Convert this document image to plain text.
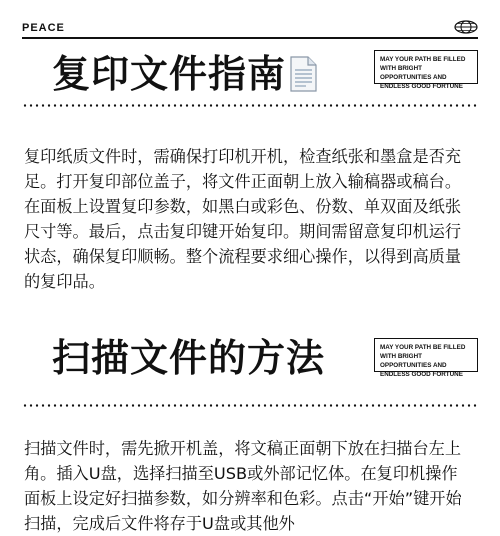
PEACE
复印文件指南	MAY YOUR PATH BE FILLED WITH BRIGHT OPPORTUNITIES AND ENDLESS GOOD FORTUNE
复印纸质文件时，需确保打印机开机，检查纸张和墨盒是否充足。打开复印部位盖子，将文件正面朝上放入输稿器或稿台。在面板上设置复印参数，如黑白或彩色、份数、单双面及纸张尺寸等。最后，点击复印键开始复印。期间需留意复印机运行状态，确保复印顺畅。整个流程要求细心操作，以得到高质量的复印品。
扫描文件的方法	MAY YOUR PATH BE FILLED WITH BRIGHT OPPORTUNITIES AND ENDLESS GOOD FORTUNE
扫描文件时，需先掀开机盖，将文稿正面朝下放在扫描台左上角。插入U盘，选择扫描至USB或外部记忆体。在复印机操作面板上设定好扫描参数，如分辨率和色彩。点击“开始”键开始扫描，完成后文件将存于U盘或其他外
